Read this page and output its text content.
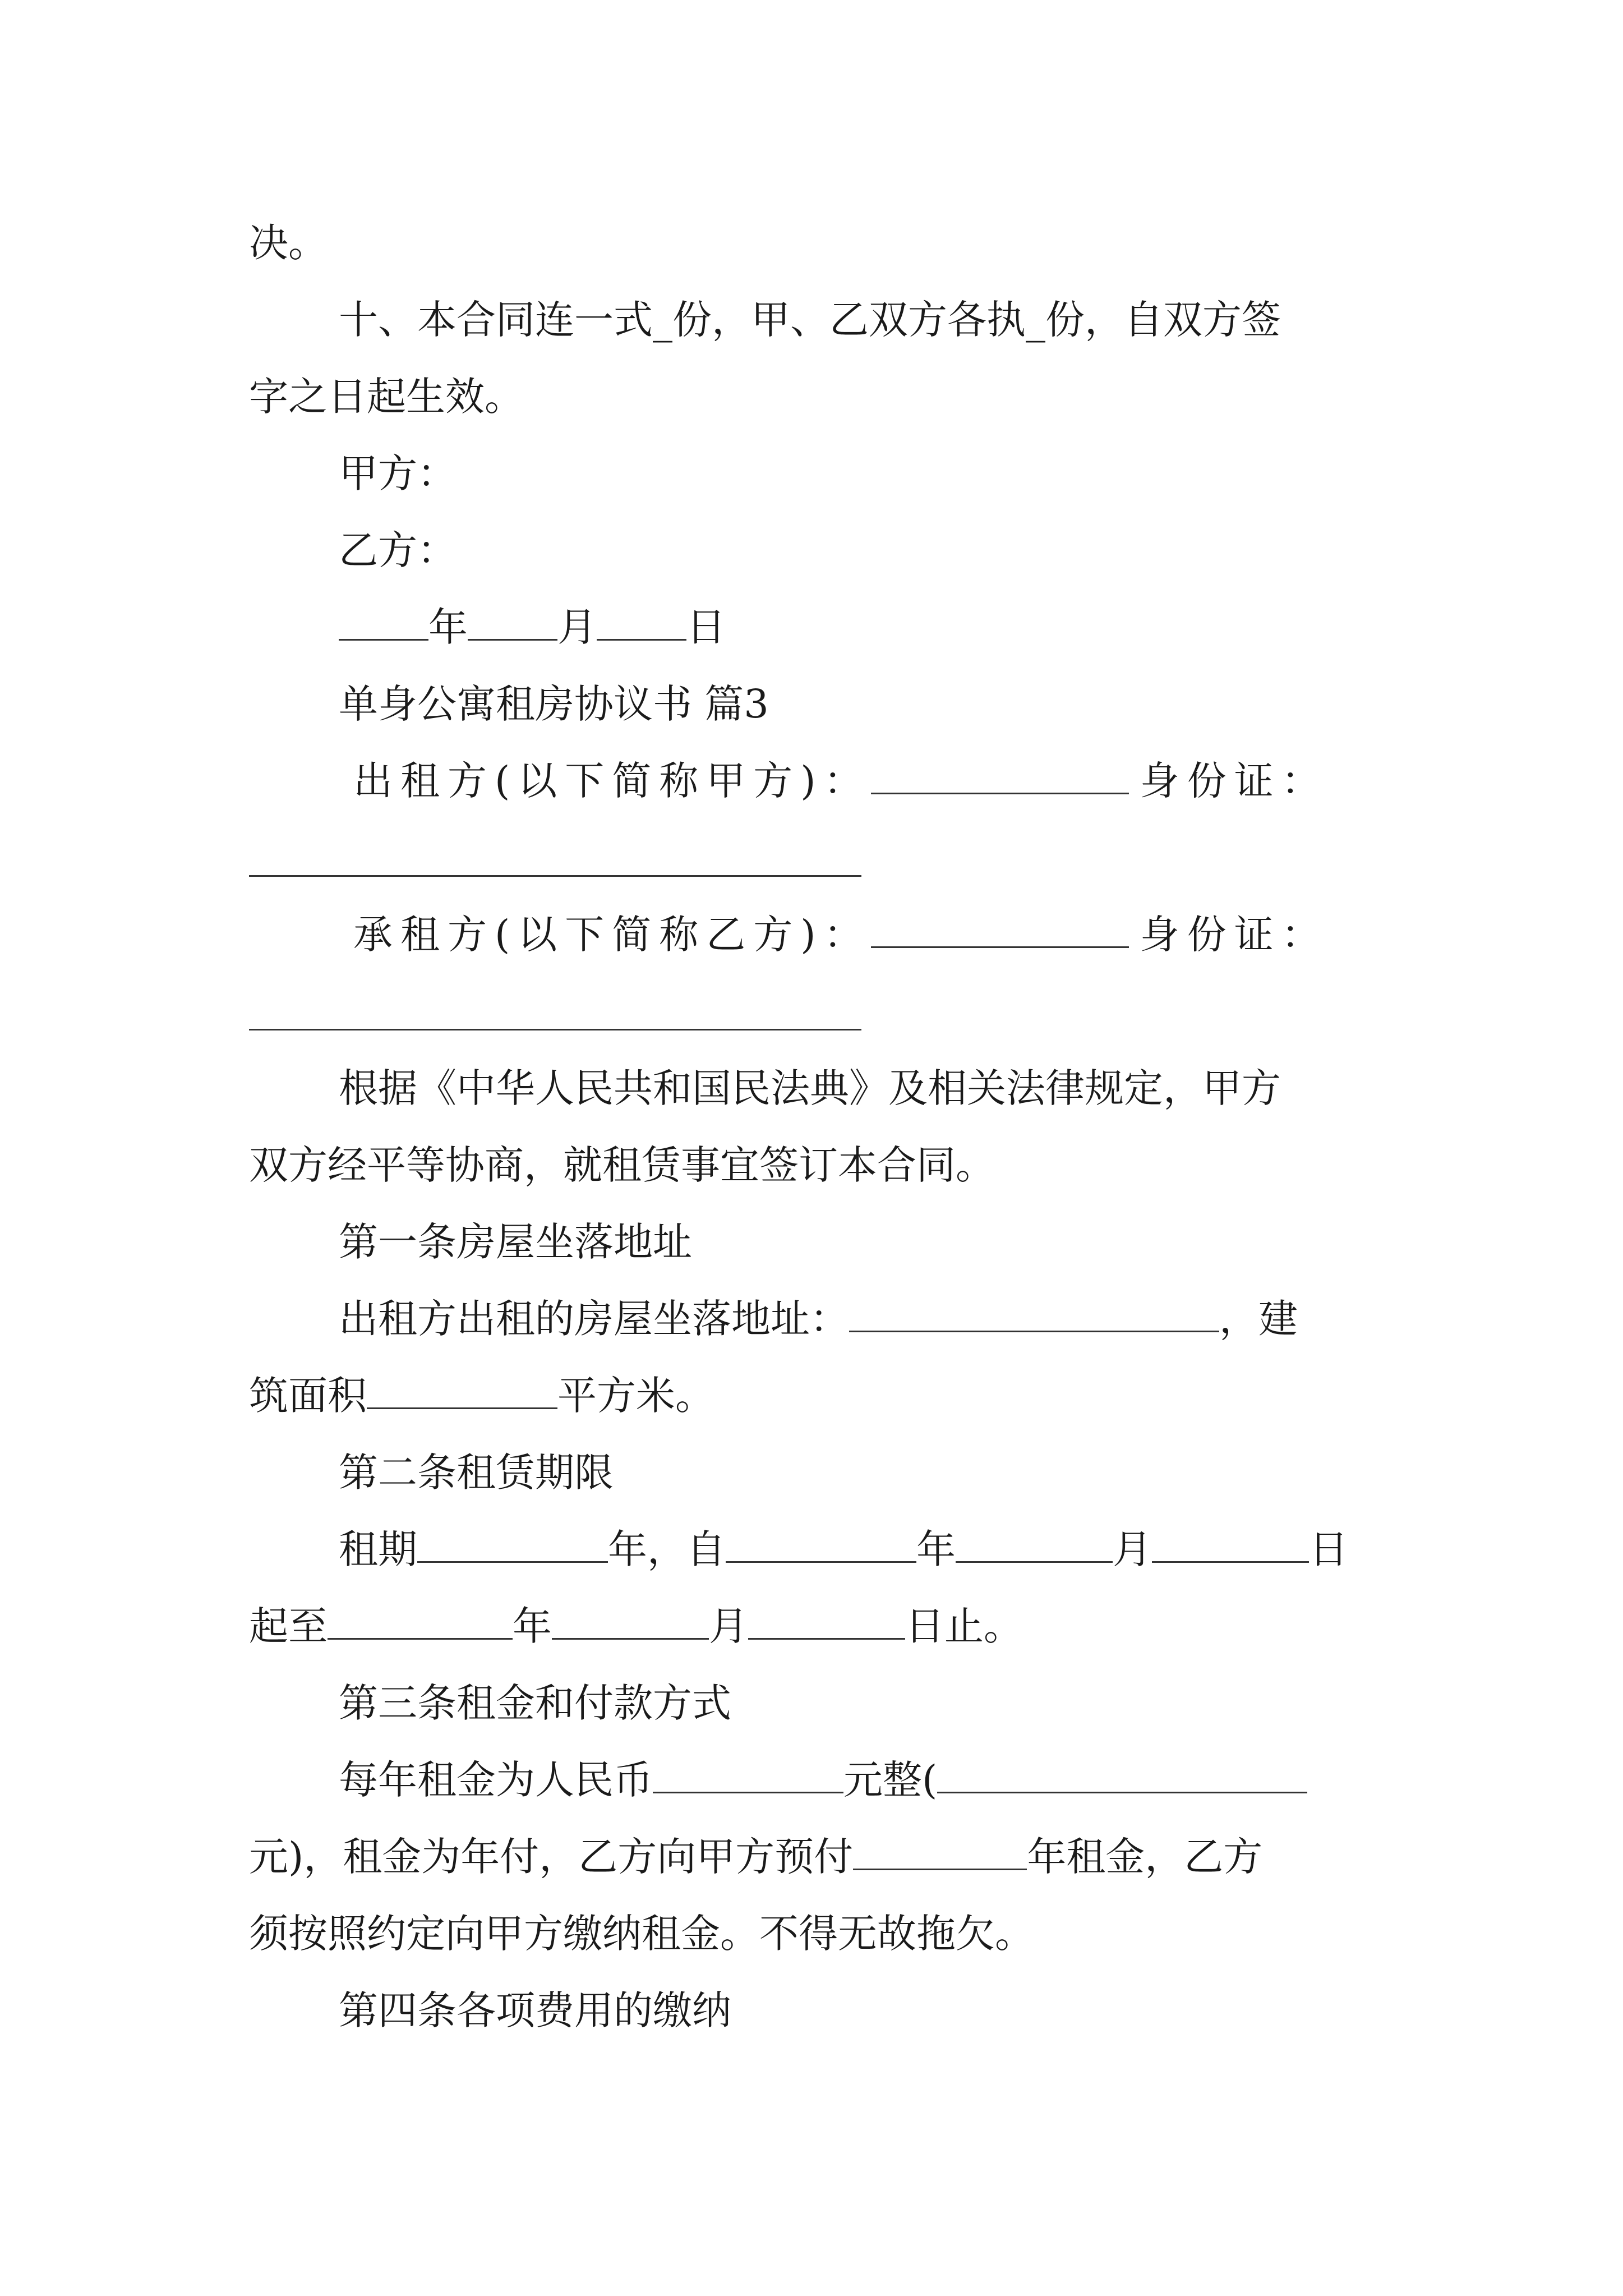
决。
十、本合同连一式_份，甲、乙双方各执_份，自双方签
字之日起生效。
甲方：
乙方：
年 月 日
单身公寓租房协议书 篇3
出租方(以下简称甲方)：	身份证：
承租方(以下简称乙方)：	身份证：
根据《中华人民共和国民法典》及相关法律规定，甲方
双方经平等协商，就租赁事宜签订本合同。
第一条房屋坐落地址
出租方出租的房屋坐落地址：	，建
筑面积	平方米。
第二条租赁期限
租期	年，自	年	月	日
起至	年	月	日止。
第三条租金和付款方式
每年租金为人民币	元整(
元)，租金为年付，乙方向甲方预付	年租金，乙方
须按照约定向甲方缴纳租金。不得无故拖欠。
第四条各项费用的缴纳
